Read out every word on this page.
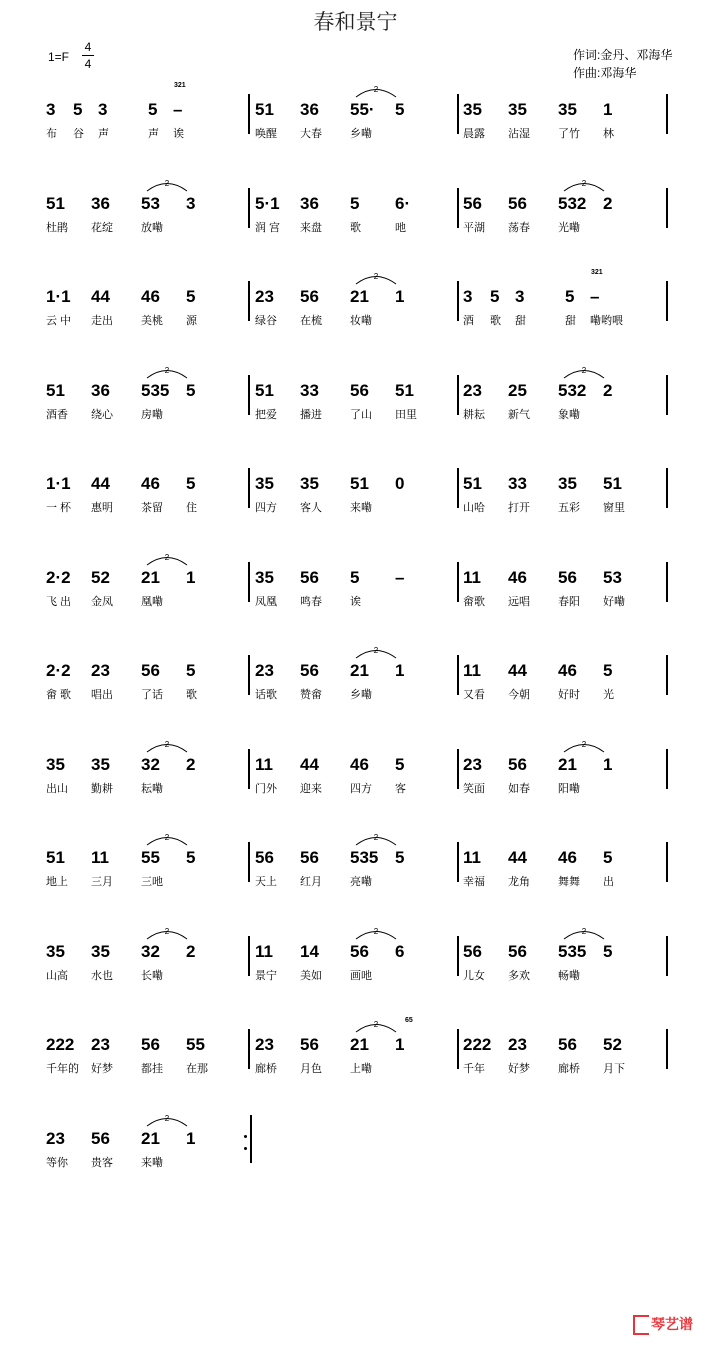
春和景宁
1=F
4
4
作词:金丹、邓海华
作曲:邓海华
3 5 3 5 –
布 谷 声	声 诶
321
51 36 55· 5
唤醒 大春	乡嘞
2
35 35 35 1
晨露 沾湿	了竹 林
51 36 53 3
杜鹃 花绽	放嘞
2
5·1 36 5 6·
润 宫 来盘	歌	吔
56 56 532 2
平湖 荡春	光嘞
2
1·1 44 46 5
云 中 走出	美桃 源
23 56 21 1
绿谷 在梳	妆嘞
2
3 5 3 5 –
酒 歌 甜	甜 嘞哟喂
321
51 36 535 5
酒香 绕心	房嘞
2
51 33 56 51
把爱 播进	了山 田里
23 25 532 2
耕耘 新气	象嘞
2
1·1 44 46 5
一 杯 惠明	茶留 住
35 35 51 0
四方 客人	来嘞
51 33 35 51
山哈 打开	五彩 窗里
2·2 52 21 1
飞 出 金凤	凰嘞
2
35 56 5 –
凤凰 鸣春	诶
11 46 56 53
畲歌 远唱	春阳 好嘞
2·2 23 56 5
畲 歌 唱出	了话 歌
23 56 21 1
话歌 赞畲	乡嘞
2
11 44 46 5
又看 今朝	好时 光
35 35 32 2
出山 勤耕	耘嘞
2
11 44 46 5
门外 迎来	四方 客
23 56 21 1
笑面 如春	阳嘞
2
51 11 55 5
地上 三月	三吔
2
56 56 535 5
天上 红月	亮嘞
2
11 44 46 5
幸福 龙角	舞舞 出
35 35 32 2
山高 水也	长嘞
2
11 14 56 6
景宁 美如	画吔
2
56 56 535 5
儿女 多欢	畅嘞
2
222 23 56 55
千年的 好梦	都挂 在那
23 56 21 1
廊桥 月色	上嘞
2	65
222 23 56 52
千年 好梦	廊桥 月下
23 56 21 1
等你 贵客	来嘞
2
琴艺谱
